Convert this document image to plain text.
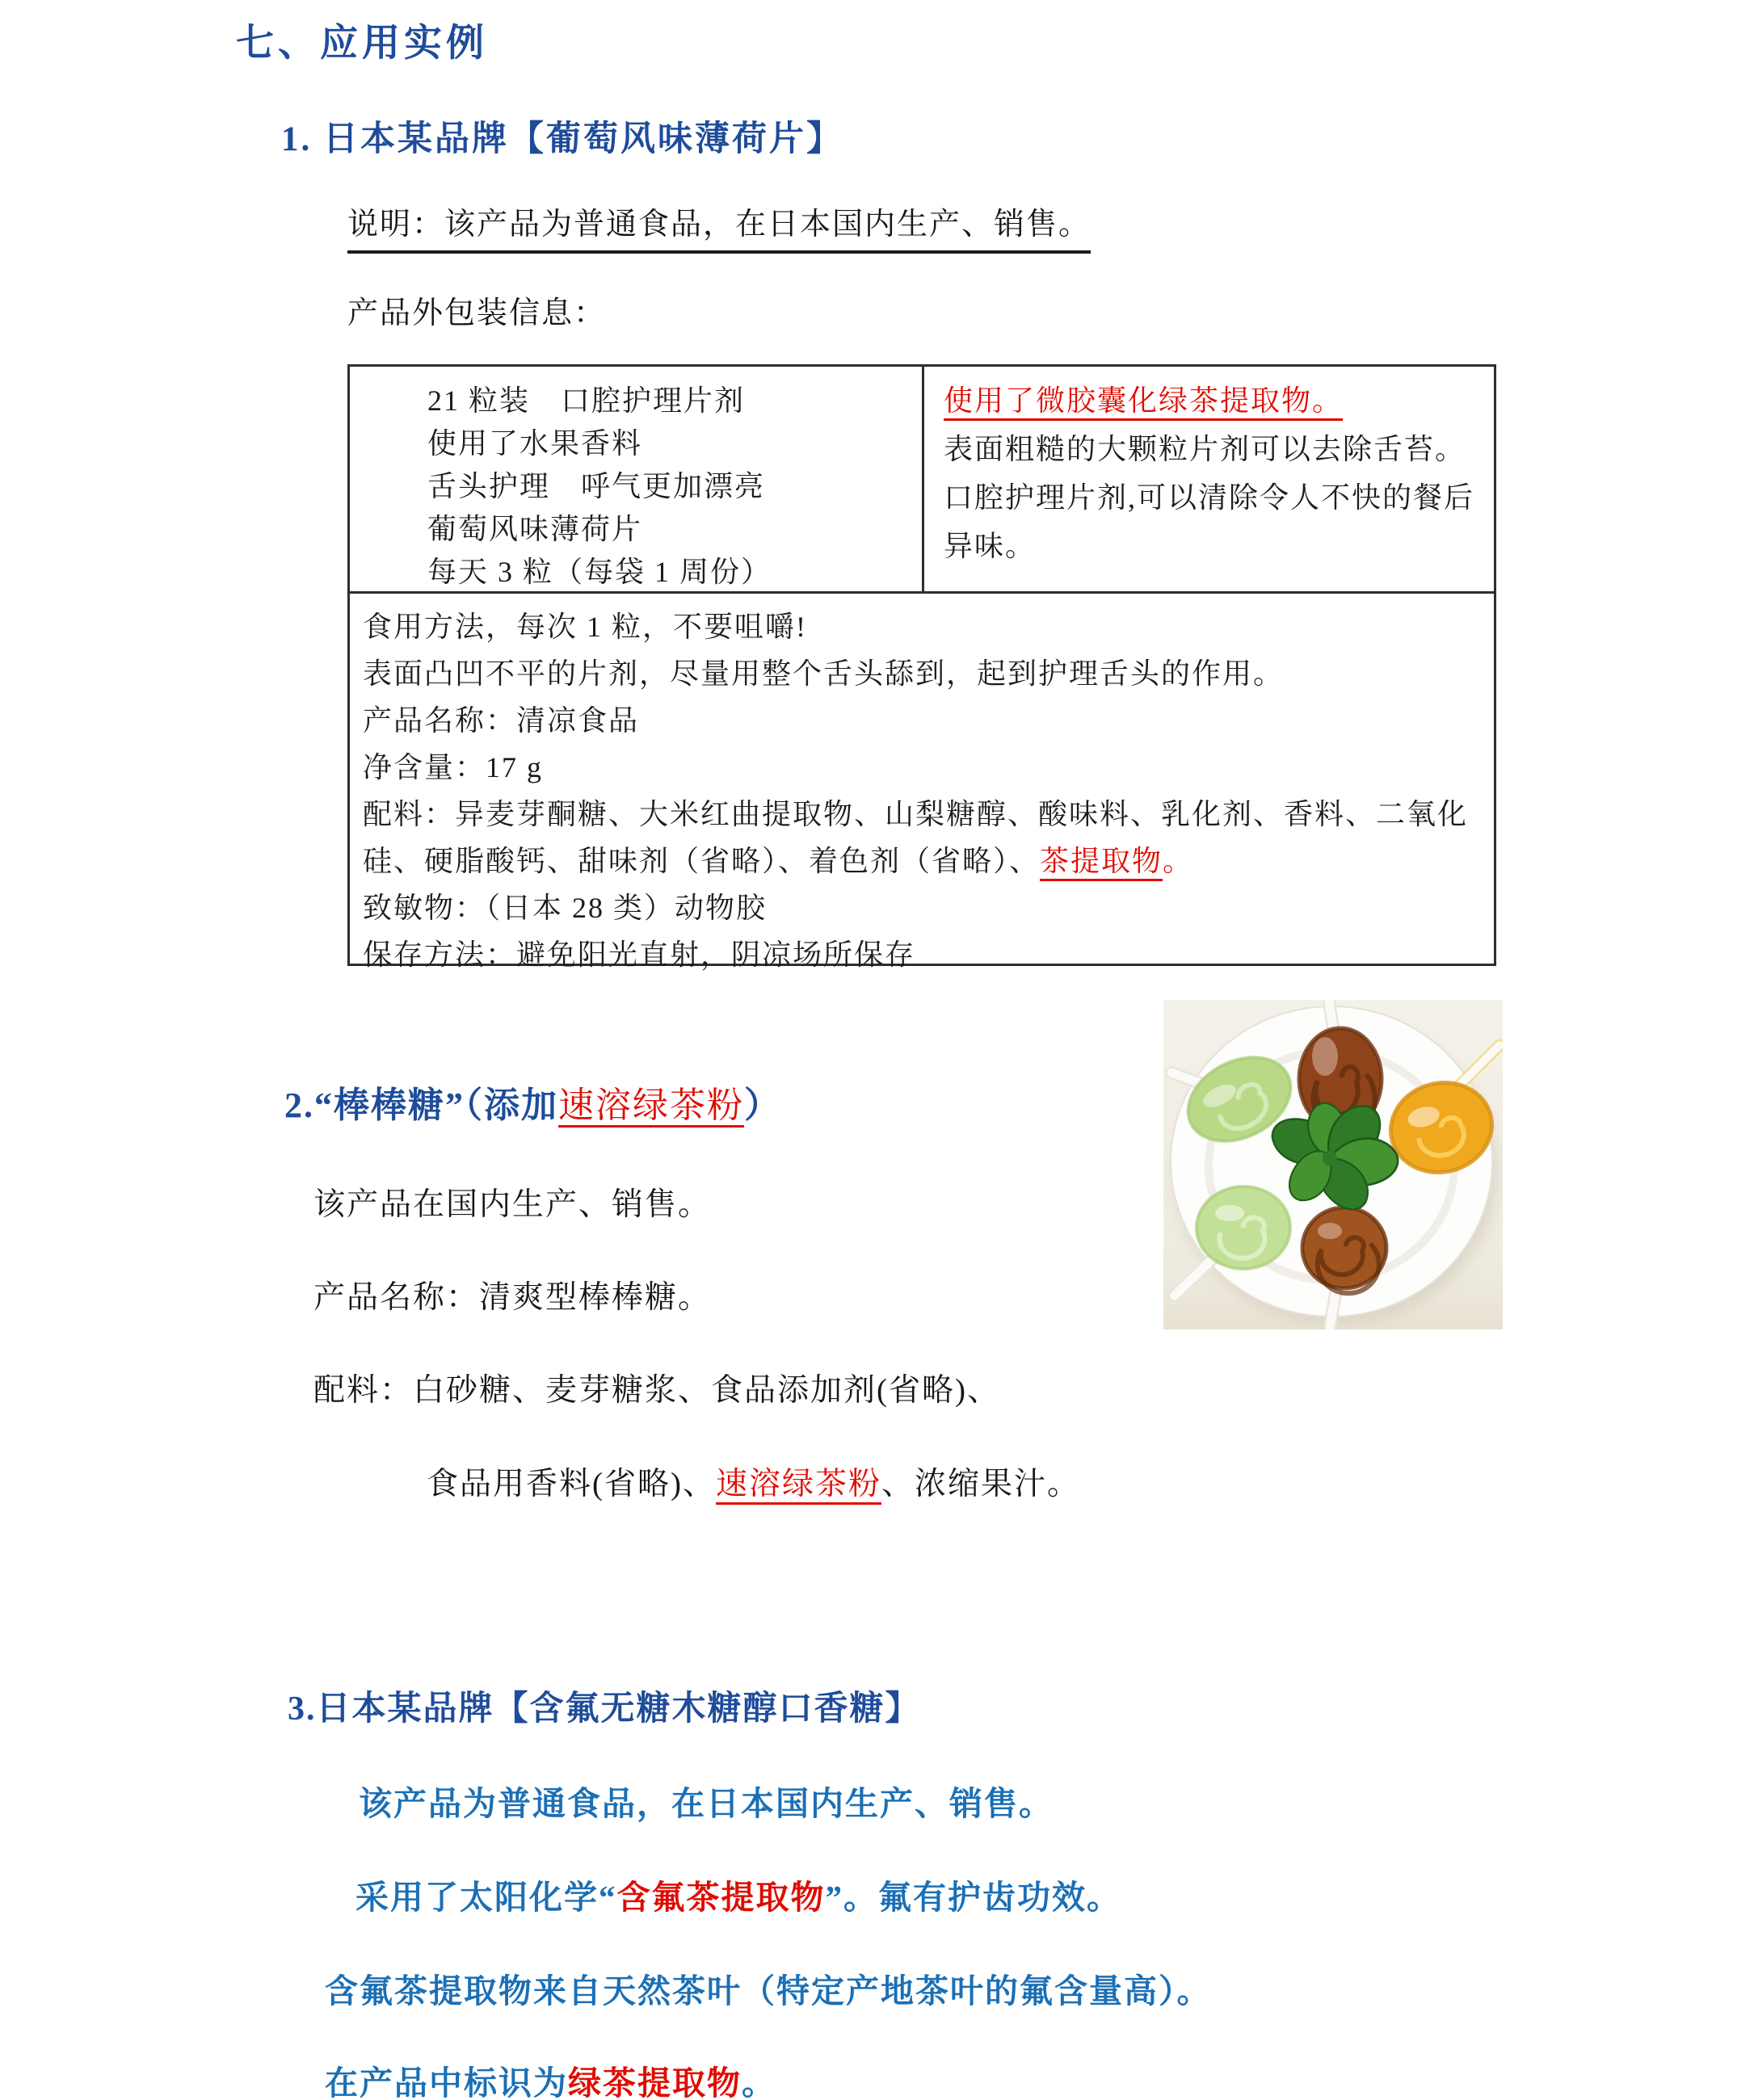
七、应用实例
1. 日本某品牌【葡萄风味薄荷片】
说明：该产品为普通食品，在日本国内生产、销售。
产品外包装信息：
21 粒装　口腔护理片剂
使用了水果香料
舌头护理　呼气更加漂亮
葡萄风味薄荷片
每天 3 粒（每袋 1 周份）
使用了微胶囊化绿茶提取物。
表面粗糙的大颗粒片剂可以去除舌苔。
口腔护理片剂,可以清除令人不快的餐后
异味。
食用方法，每次 1 粒，不要咀嚼!
表面凸凹不平的片剂，尽量用整个舌头舔到，起到护理舌头的作用。
产品名称：清凉食品
净含量：17 g
配料：异麦芽酮糖、大米红曲提取物、山梨糖醇、酸味料、乳化剂、香料、二氧化
硅、硬脂酸钙、甜味剂（省略）、着色剂（省略）、茶提取物。
致敏物：（日本 28 类）动物胶
保存方法：避免阳光直射，阴凉场所保存
2.“棒棒糖”（添加速溶绿茶粉）
该产品在国内生产、销售。
产品名称：清爽型棒棒糖。
配料：白砂糖、麦芽糖浆、食品添加剂(省略)、
食品用香料(省略)、速溶绿茶粉、浓缩果汁。
3.日本某品牌【含氟无糖木糖醇口香糖】
该产品为普通食品，在日本国内生产、销售。
采用了太阳化学“含氟茶提取物”。氟有护齿功效。
含氟茶提取物来自天然茶叶（特定产地茶叶的氟含量高）。
在产品中标识为绿茶提取物。
